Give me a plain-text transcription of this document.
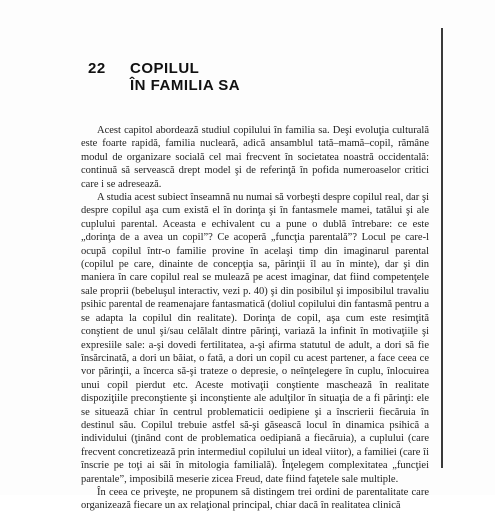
22 COPILUL
ÎN FAMILIA SA

Acest capitol abordează studiul copilului în familia sa. Deşi evoluţia culturală este foarte rapidă, familia nucleară, adică ansamblul tată–mamă–copil, rămâne modul de organizare socială cel mai frecvent în societatea noastră occidentală: continuă să servească drept model şi de referinţă în pofida numeroaselor critici care i se adresează.

A studia acest subiect înseamnă nu numai să vorbeşti despre copilul real, dar şi despre copilul aşa cum există el în dorinţa şi în fantasmele mamei, tatălui şi ale cuplului parental. Aceasta e echivalent cu a pune o dublă întrebare: ce este „dorinţa de a avea un copil”? Ce acoperă „funcţia parentală”? Locul pe care-l ocupă copilul într-o familie provine în acelaşi timp din imaginarul parental (copilul pe care, dinainte de concepţia sa, părinţii îl au în minte), dar şi din maniera în care copilul real se mulează pe acest imaginar, dat fiind competenţele sale proprii (bebeluşul interactiv, vezi p. 40) şi din posibilul şi imposibilul travaliu psihic parental de reamenajare fantasmatică (doliul copilului din fantasmă pentru a se adapta la copilul din realitate). Dorinţa de copil, aşa cum este resimţită conştient de unul şi/sau celălalt dintre părinţi, variază la infinit în motivaţiile şi expresiile sale: a-şi dovedi fertilitatea, a-şi afirma statutul de adult, a dori să fie însărcinată, a dori un băiat, o fată, a dori un copil cu acest partener, a face ceea ce vor părinţii, a încerca să-şi trateze o depresie, o neînţelegere în cuplu, înlocuirea unui copil pierdut etc. Aceste motivaţii conştiente maschează în realitate dispoziţiile preconştiente şi inconştiente ale adulţilor în situaţia de a fi părinţi: ele se situează chiar în centrul problematicii oedipiene şi a înscrierii fiecăruia în destinul său. Copilul trebuie astfel să-şi găsească locul în dinamica psihică a individului (ţinând cont de problematica oedipiană a fiecăruia), a cuplului (care frecvent concretizează prin intermediul copilului un ideal viitor), a familiei (care îi înscrie pe toţi ai săi în mitologia familială). Înţelegem complexitatea „funcţiei parentale”, imposibilă meserie zicea Freud, date fiind faţetele sale multiple.

În ceea ce priveşte, ne propunem să distingem trei ordini de parentalitate care organizează fiecare un ax relaţional principal, chiar dacă în realitatea clinică
